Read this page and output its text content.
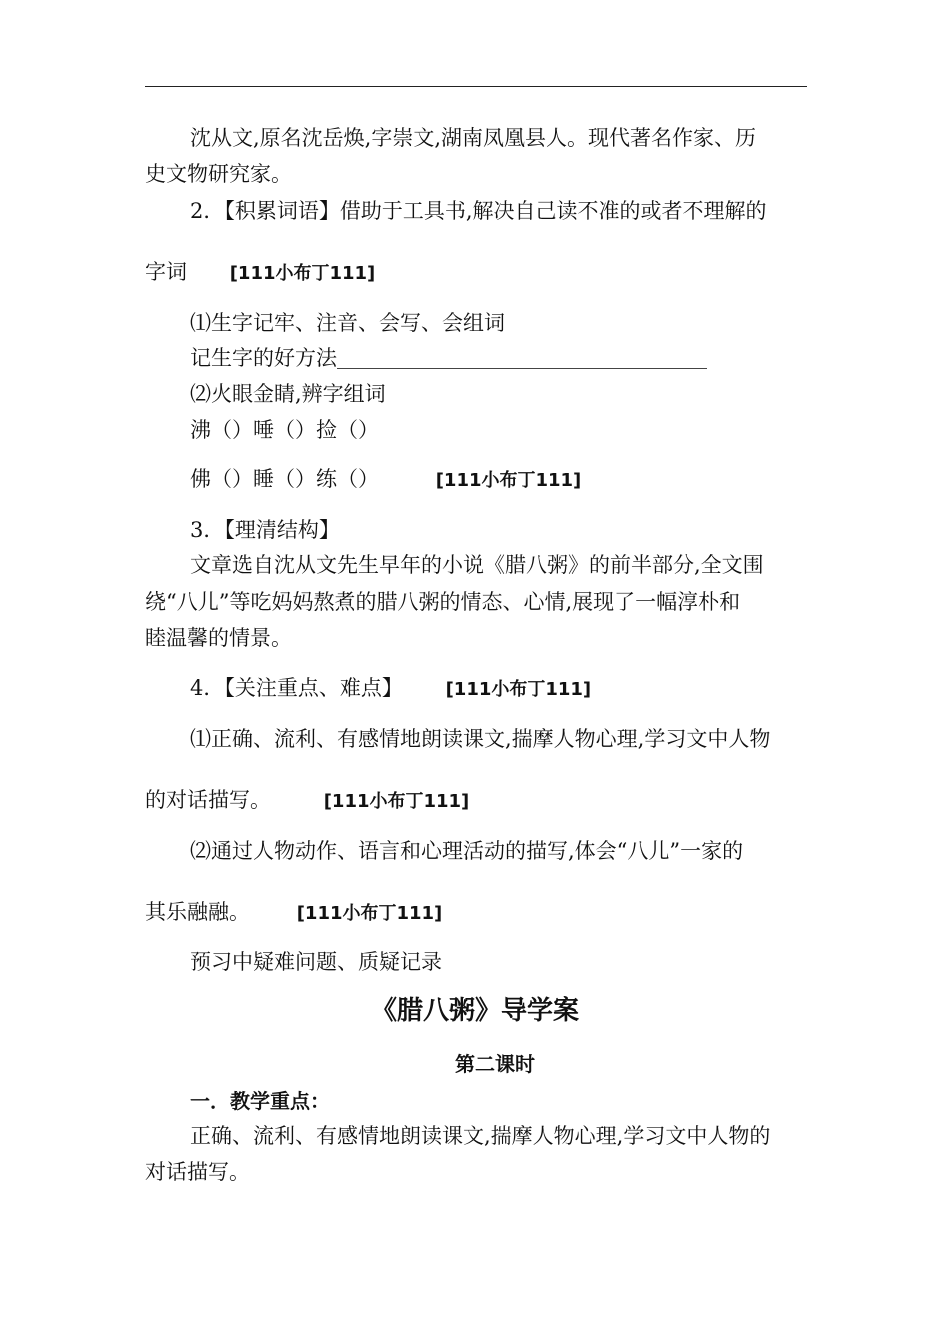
沈从文,原名沈岳焕,字崇文,湖南凤凰县人。现代著名作家、历
史文物研究家。
2．【积累词语】借助于工具书,解决自己读不准的或者不理解的
字词 [111小布丁111]
⑴生字记牢、注音、会写、会组词
记生字的好方法
⑵火眼金睛,辨字组词
沸（）唾（）捡（）
佛（）睡（）练（）	[111小布丁111]
3．【理清结构】
文章选自沈从文先生早年的小说《腊八粥》的前半部分,全文围
绕“八儿”等吃妈妈熬煮的腊八粥的情态、心情,展现了一幅淳朴和
睦温馨的情景。
4．【关注重点、难点】 [111小布丁111]
⑴正确、流利、有感情地朗读课文,揣摩人物心理,学习文中人物
的对话描写。	[111小布丁111]
⑵通过人物动作、语言和心理活动的描写,体会“八儿”一家的
其乐融融。	[111小布丁111]
预习中疑难问题、质疑记录
《腊八粥》导学案
第二课时
一．教学重点：
正确、流利、有感情地朗读课文,揣摩人物心理,学习文中人物的
对话描写。
